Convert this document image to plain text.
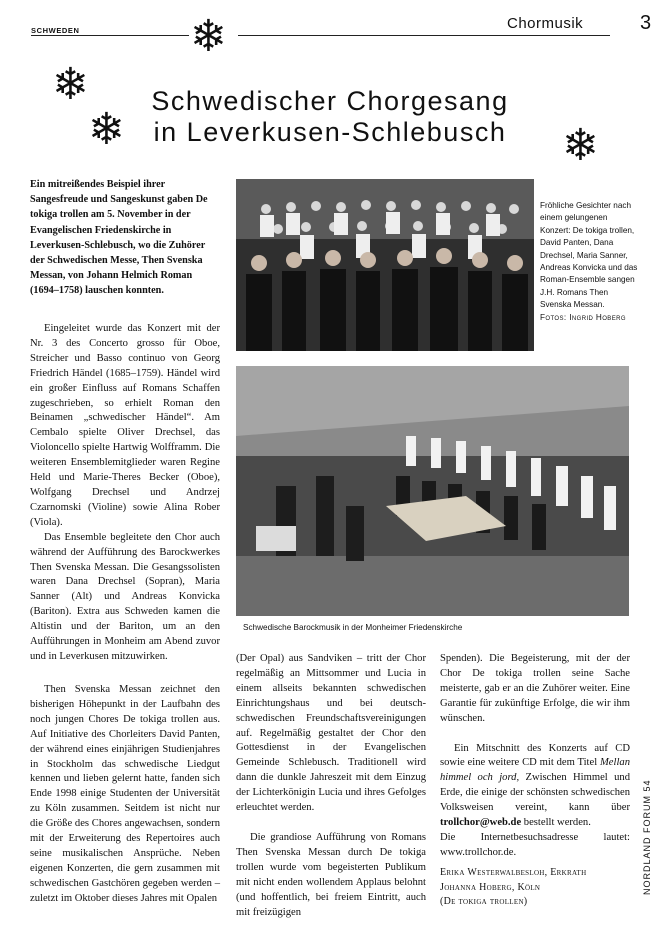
SCHWEDEN	Chormusik	3
❄
❄
❄	❄
Schwedischer Chorgesang
in Leverkusen-Schlebusch
Ein mitreißendes Beispiel ihrer Sangesfreude und Sangeskunst gaben De tokiga trollen am 5. November in der Evangelischen Friedenskirche in Leverkusen-Schlebusch, wo die Zuhörer der Schwedischen Messe, Then Svenska Messan, von Johann Helmich Roman (1694–1758) lauschen konnten.

Eingeleitet wurde das Konzert mit der Nr. 3 des Concerto grosso für Oboe, Streicher und Basso continuo von Georg Friedrich Händel (1685–1759). Händel wird ein großer Einfluss auf Romans Schaffen zugeschrieben, so erhielt Roman den Beinamen „schwedischer Händel“. Am Cembalo spielte Oliver Drechsel, das Violoncello spielte Hartwig Wolfframm. Die weiteren Ensemblemitglieder waren Regine Held und Marie-Theres Becker (Oboe), Wolfgang Drechsel und Andrzej Czarnomski (Violine) sowie Alina Rober (Viola).

Das Ensemble begleitete den Chor auch während der Aufführung des Barockwerkes Then Svenska Messan. Die Gesangssolisten waren Dana Drechsel (Sopran), Maria Sanner (Alt) und Andreas Konvicka (Bariton). Extra aus Schweden kamen die Altistin und der Bariton, um an den Aufführungen in Monheim am Abend zuvor und in Leverkusen mitzuwirken.

Then Svenska Messan zeichnet den bisherigen Höhepunkt in der Laufbahn des noch jungen Chores De tokiga trollen aus. Auf Initiative des Chorleiters David Panten, der während eines einjährigen Studienjahres in Stockholm das schwedische Liedgut kennen und lieben gelernt hatte, fanden sich Ende 1998 einige Studenten der Universität zu Köln zusammen. Seitdem ist nicht nur die Größe des Chores angewachsen, sondern mit der Erweiterung des Repertoires auch seine musikalischen Ansprüche. Neben eigenen Konzerten, die gern zusammen mit schwedischen Gastchören gegeben werden – zuletzt im Oktober dieses Jahres mit Opalen

Fröhliche Gesichter nach einem gelungenen Konzert: De tokiga trollen, David Panten, Dana Drechsel, Maria Sanner, Andreas Konvicka und das Roman-Ensemble sangen J.H. Romans Then Svenska Messan.
Fotos: Ingrid Hoberg
Schwedische Barockmusik in der Monheimer Friedenskirche

(Der Opal) aus Sandviken – tritt der Chor regelmäßig an Mittsommer und Lucia in einem allseits bekannten schwedischen Einrichtungshaus und bei deutsch-schwedischen Freundschaftsvereinigungen auf. Regelmäßig gestaltet der Chor den Gottesdienst in der Evangelischen Gemeinde Schlebusch. Traditionell wird dann die dunkle Jahreszeit mit dem Einzug der Lichterkönigin Lucia und ihres Gefolges erleuchtet werden.

Die grandiose Aufführung von Romans Then Svenska Messan durch De tokiga trollen wurde vom begeisterten Publikum mit nicht enden wollendem Applaus belohnt (und hoffentlich, bei freiem Eintritt, auch mit freizügigen

Spenden). Die Begeisterung, mit der der Chor De tokiga trollen seine Sache meisterte, gab er an die Zuhörer weiter. Eine Garantie für zukünftige Erfolge, die wir ihm wünschen.

Ein Mitschnitt des Konzerts auf CD sowie eine weitere CD mit dem Titel Mellan himmel och jord, Zwischen Himmel und Erde, die einige der schönsten schwedischen Volksweisen vereint, kann über trollchor@web.de bestellt werden.

Die Internetbesuchsadresse lautet: www.trollchor.de.

Erika Westerwalbesloh, Erkrath

Johanna Hoberg, Köln

(De tokiga trollen)

NORDLAND FORUM 54
